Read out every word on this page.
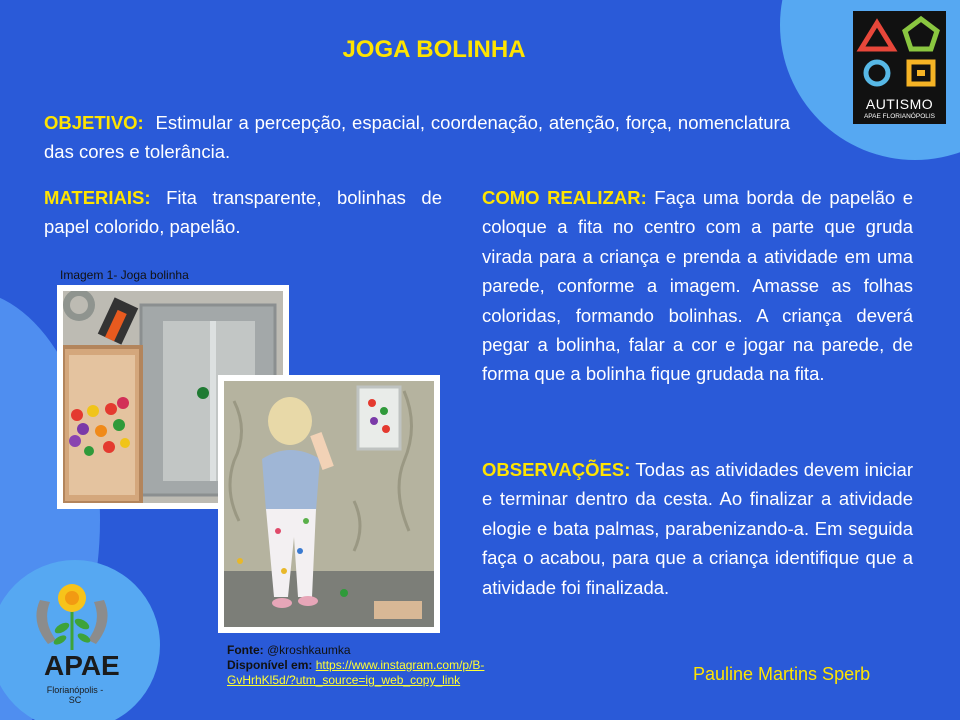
JOGA BOLINHA
OBJETIVO: Estimular a percepção, espacial, coordenação, atenção, força, nomenclatura das cores e tolerância.
MATERIAIS: Fita transparente, bolinhas de papel colorido, papelão.
COMO REALIZAR: Faça uma borda de papelão e coloque a fita no centro com a parte que gruda virada para a criança e prenda a atividade em uma parede, conforme a imagem. Amasse as folhas coloridas, formando bolinhas. A criança deverá pegar a bolinha, falar a cor e jogar na parede, de forma que a bolinha fique grudada na fita.
OBSERVAÇÕES: Todas as atividades devem iniciar e terminar dentro da cesta. Ao finalizar a atividade elogie e bata palmas, parabenizando-a. Em seguida faça o acabou, para que a criança identifique que a atividade foi finalizada.
Imagem 1- Joga bolinha
Fonte: @kroshkaumka
Disponível em: https://www.instagram.com/p/B-
GvHrhKl5d/?utm_source=ig_web_copy_link	Pauline Martins Sperb
AUTISMO
APAE FLORIANÓPOLIS
APAE
Florianópolis - SC
